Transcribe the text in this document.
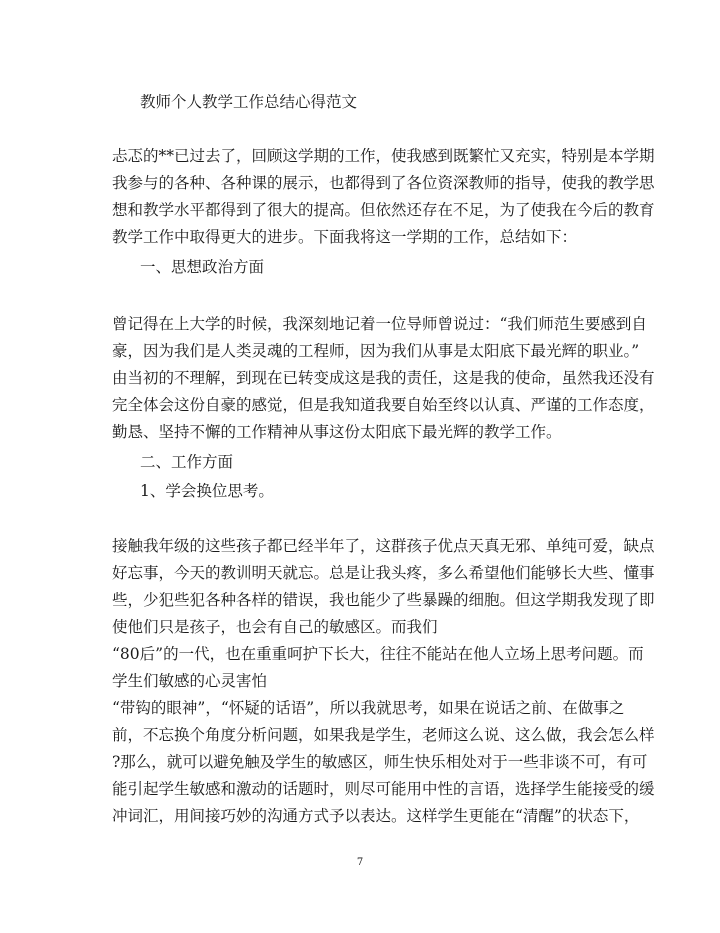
教师个人教学工作总结心得范文

忐忑的**已过去了，回顾这学期的工作，使我感到既繁忙又充实，特别是本学期

我参与的各种、各种课的展示，也都得到了各位资深教师的指导，使我的教学思

想和教学水平都得到了很大的提高。但依然还存在不足，为了使我在今后的教育

教学工作中取得更大的进步。下面我将这一学期的工作，总结如下：

一、思想政治方面

曾记得在上大学的时候，我深刻地记着一位导师曾说过：“我们师范生要感到自

豪，因为我们是人类灵魂的工程师，因为我们从事是太阳底下最光辉的职业。”

由当初的不理解，到现在已转变成这是我的责任，这是我的使命，虽然我还没有

完全体会这份自豪的感觉，但是我知道我要自始至终以认真、严谨的工作态度，

勤恳、坚持不懈的工作精神从事这份太阳底下最光辉的教学工作。

二、工作方面

1、学会换位思考。

接触我年级的这些孩子都已经半年了，这群孩子优点天真无邪、单纯可爱，缺点

好忘事，今天的教训明天就忘。总是让我头疼，多么希望他们能够长大些、懂事

些，少犯些犯各种各样的错误，我也能少了些暴躁的细胞。但这学期我发现了即

使他们只是孩子，也会有自己的敏感区。而我们

“80后”的一代，也在重重呵护下长大，往往不能站在他人立场上思考问题。而

学生们敏感的心灵害怕

“带钩的眼神”，“怀疑的话语”，所以我就思考，如果在说话之前、在做事之

前，不忘换个角度分析问题，如果我是学生，老师这么说、这么做，我会怎么样

?那么，就可以避免触及学生的敏感区，师生快乐相处对于一些非谈不可，有可

能引起学生敏感和激动的话题时，则尽可能用中性的言语，选择学生能接受的缓

冲词汇，用间接巧妙的沟通方式予以表达。这样学生更能在“清醒”的状态下，

7
